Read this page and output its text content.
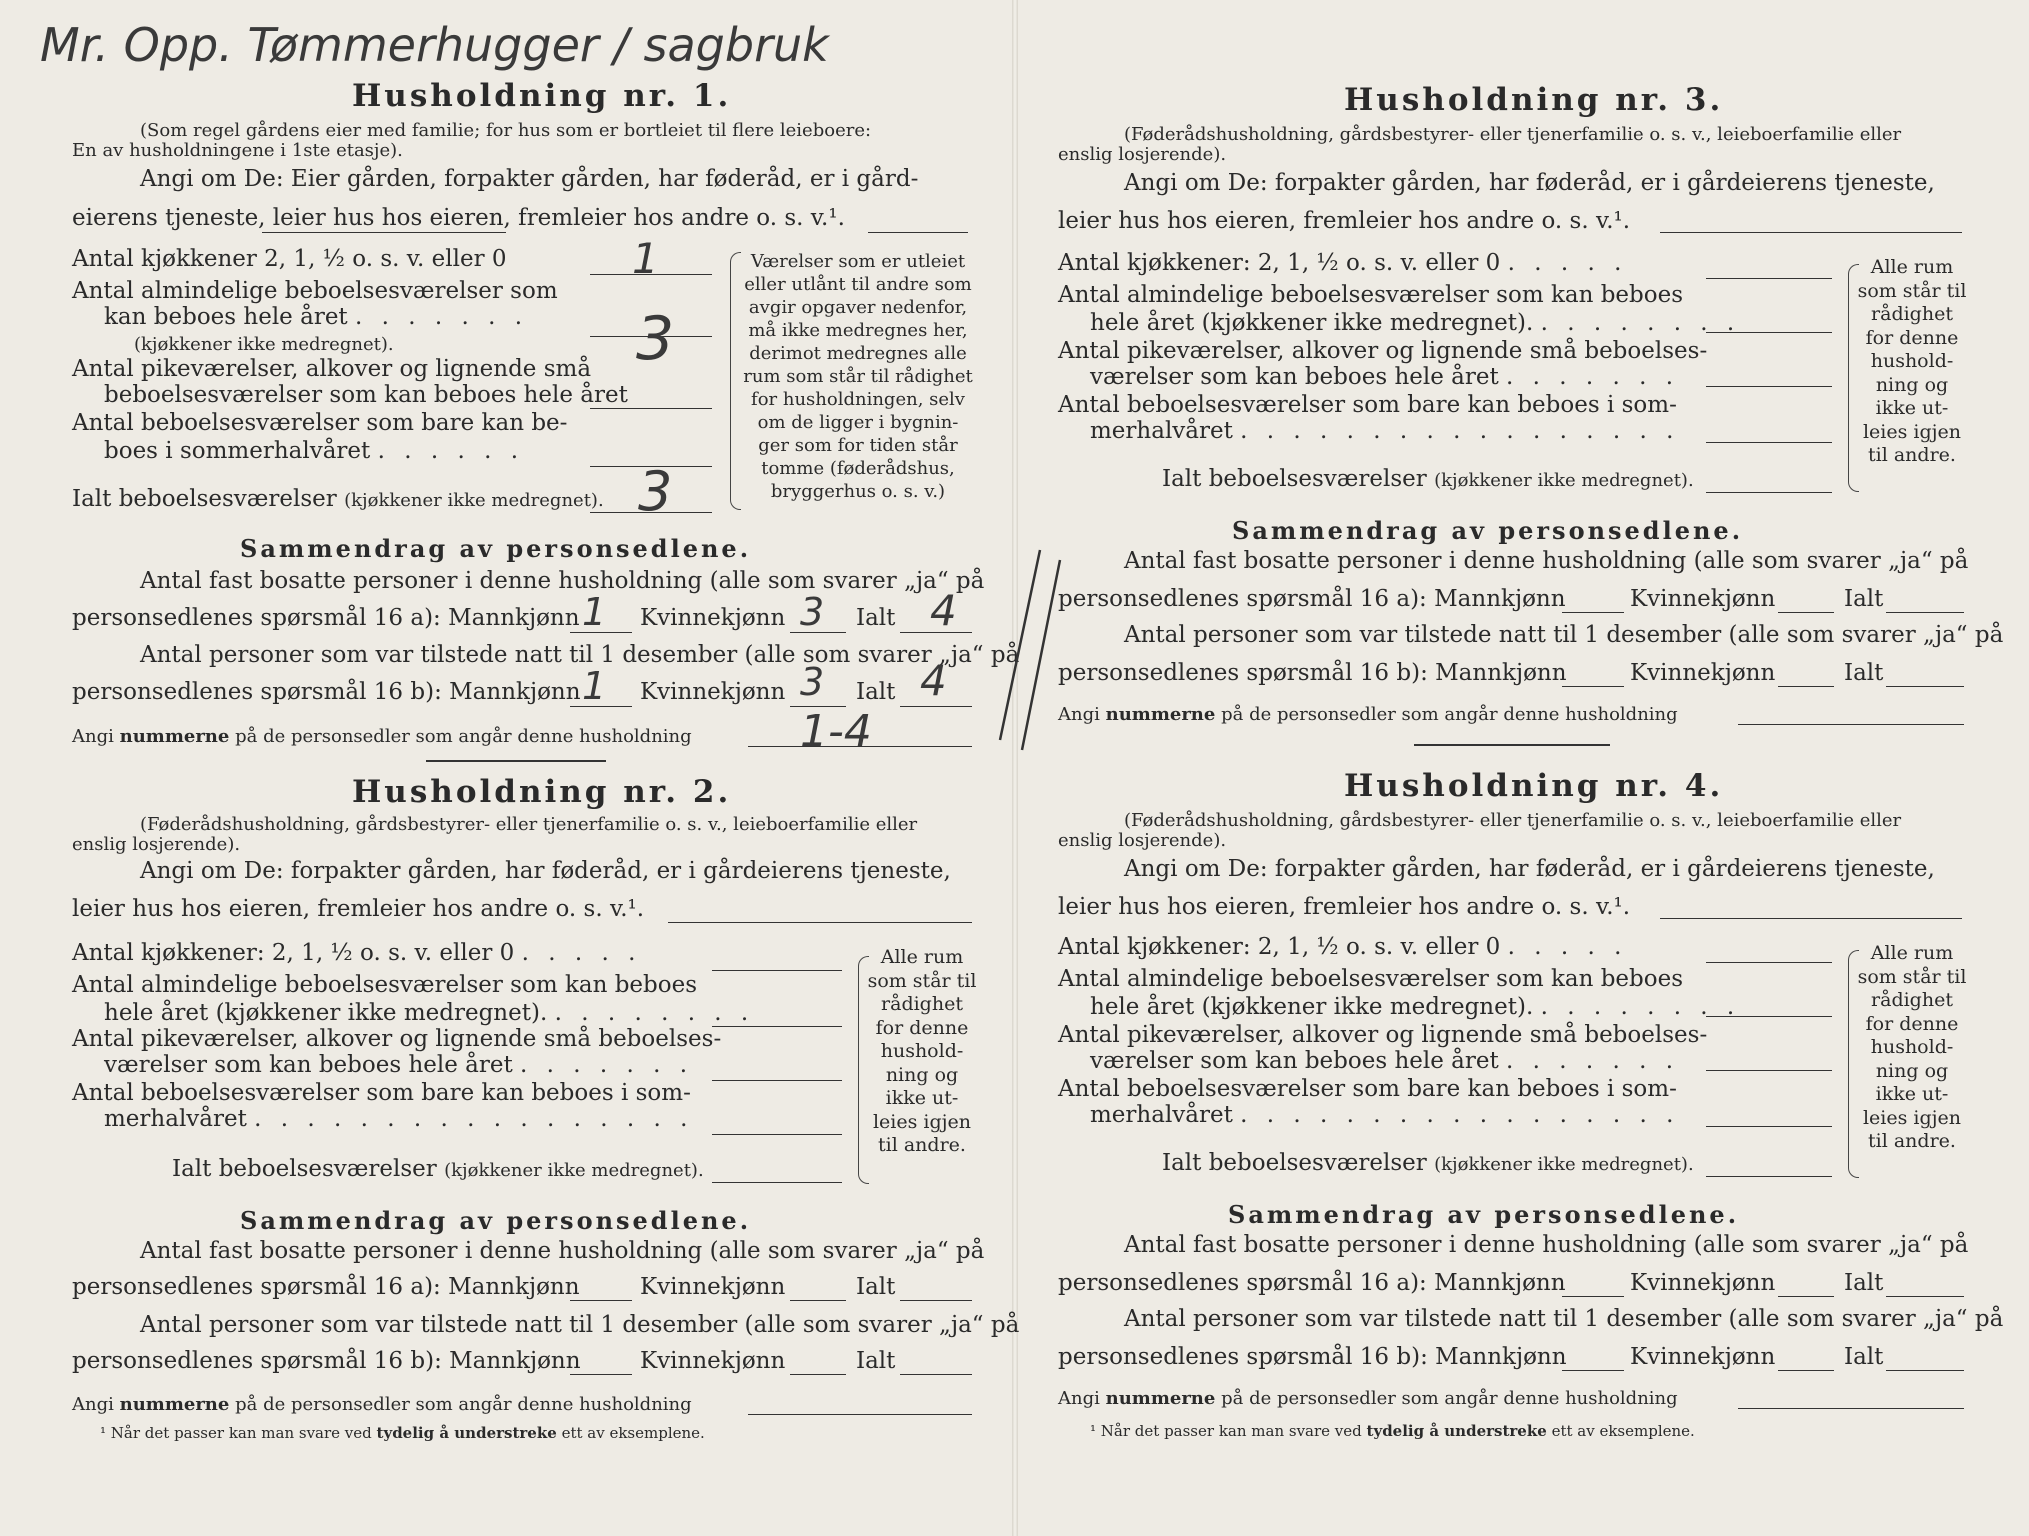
Mr. Opp. Tømmerhugger / sagbruk
Husholdning nr. 1.
(Som regel gårdens eier med familie; for hus som er bortleiet til flere leieboere:
En av husholdningene i 1ste etasje).
Angi om De: Eier gården, forpakter gården, har føderåd, er i gård-
eierens tjeneste, leier hus hos eieren, fremleier hos andre o. s. v.¹.
Antal kjøkkener 2, 1, ½ o. s. v. eller 0	1
Antal almindelige beboelsesværelser som
kan beboes hele året . . . . . . .
(kjøkkener ikke medregnet).	3
Antal pikeværelser, alkover og lignende små
beboelsesværelser som kan beboes hele året
Antal beboelsesværelser som bare kan be-
boes i sommerhalvåret . . . . . .
Ialt beboelsesværelser (kjøkkener ikke medregnet). 3
Værelser som er utleiet
eller utlånt til andre som
avgir opgaver nedenfor,
må ikke medregnes her,
derimot medregnes alle
rum som står til rådighet
for husholdningen, selv
om de ligger i bygnin-
ger som for tiden står
tomme (føderådshus,
bryggerhus o. s. v.)
Sammendrag av personsedlene.
Antal fast bosatte personer i denne husholdning (alle som svarer „ja“ på
personsedlenes spørsmål 16 a): Mannkjønn 1 Kvinnekjønn 3 Ialt 4
Antal personer som var tilstede natt til 1 desember (alle som svarer „ja“ på
personsedlenes spørsmål 16 b): Mannkjønn 1 Kvinnekjønn 3 Ialt 4
Angi nummerne på de personsedler som angår denne husholdning 1-4
Husholdning nr. 2.
(Føderådshusholdning, gårdsbestyrer- eller tjenerfamilie o. s. v., leieboerfamilie eller
enslig losjerende).
Angi om De: forpakter gården, har føderåd, er i gårdeierens tjeneste,
leier hus hos eieren, fremleier hos andre o. s. v.¹.
Antal kjøkkener: 2, 1, ½ o. s. v. eller 0 . . . . .
Antal almindelige beboelsesværelser som kan beboes
hele året (kjøkkener ikke medregnet). . . . . . . . .
Antal pikeværelser, alkover og lignende små beboelses-
værelser som kan beboes hele året . . . . . . .
Antal beboelsesværelser som bare kan beboes i som-
merhalvåret . . . . . . . . . . . . . . . . .
Ialt beboelsesværelser (kjøkkener ikke medregnet).
Alle rum
som står til
rådighet
for denne
hushold-
ning og
ikke ut-
leies igjen
til andre.
Sammendrag av personsedlene.
Antal fast bosatte personer i denne husholdning (alle som svarer „ja“ på
personsedlenes spørsmål 16 a): Mannkjønn	Kvinnekjønn	Ialt
Antal personer som var tilstede natt til 1 desember (alle som svarer „ja“ på
personsedlenes spørsmål 16 b): Mannkjønn	Kvinnekjønn	Ialt
Angi nummerne på de personsedler som angår denne husholdning
¹ Når det passer kan man svare ved tydelig å understreke ett av eksemplene.
Husholdning nr. 3.
(Føderådshusholdning, gårdsbestyrer- eller tjenerfamilie o. s. v., leieboerfamilie eller
enslig losjerende).
Angi om De: forpakter gården, har føderåd, er i gårdeierens tjeneste,
leier hus hos eieren, fremleier hos andre o. s. v.¹.
Antal kjøkkener: 2, 1, ½ o. s. v. eller 0 . . . . .
Antal almindelige beboelsesværelser som kan beboes
hele året (kjøkkener ikke medregnet). . . . . . . . .
Antal pikeværelser, alkover og lignende små beboelses-
værelser som kan beboes hele året . . . . . . .
Antal beboelsesværelser som bare kan beboes i som-
merhalvåret . . . . . . . . . . . . . . . . .
Ialt beboelsesværelser (kjøkkener ikke medregnet).
Alle rum
som står til
rådighet
for denne
hushold-
ning og
ikke ut-
leies igjen
til andre.
Sammendrag av personsedlene.
Antal fast bosatte personer i denne husholdning (alle som svarer „ja“ på
personsedlenes spørsmål 16 a): Mannkjønn	Kvinnekjønn	Ialt
Antal personer som var tilstede natt til 1 desember (alle som svarer „ja“ på
personsedlenes spørsmål 16 b): Mannkjønn	Kvinnekjønn	Ialt
Angi nummerne på de personsedler som angår denne husholdning
Husholdning nr. 4.
(Føderådshusholdning, gårdsbestyrer- eller tjenerfamilie o. s. v., leieboerfamilie eller
enslig losjerende).
Angi om De: forpakter gården, har føderåd, er i gårdeierens tjeneste,
leier hus hos eieren, fremleier hos andre o. s. v.¹.
Antal kjøkkener: 2, 1, ½ o. s. v. eller 0 . . . . .
Antal almindelige beboelsesværelser som kan beboes
hele året (kjøkkener ikke medregnet). . . . . . . . .
Antal pikeværelser, alkover og lignende små beboelses-
værelser som kan beboes hele året . . . . . . .
Antal beboelsesværelser som bare kan beboes i som-
merhalvåret . . . . . . . . . . . . . . . . .
Ialt beboelsesværelser (kjøkkener ikke medregnet).
Alle rum
som står til
rådighet
for denne
hushold-
ning og
ikke ut-
leies igjen
til andre.
Sammendrag av personsedlene.
Antal fast bosatte personer i denne husholdning (alle som svarer „ja“ på
personsedlenes spørsmål 16 a): Mannkjønn	Kvinnekjønn	Ialt
Antal personer som var tilstede natt til 1 desember (alle som svarer „ja“ på
personsedlenes spørsmål 16 b): Mannkjønn	Kvinnekjønn	Ialt
Angi nummerne på de personsedler som angår denne husholdning
¹ Når det passer kan man svare ved tydelig å understreke ett av eksemplene.
